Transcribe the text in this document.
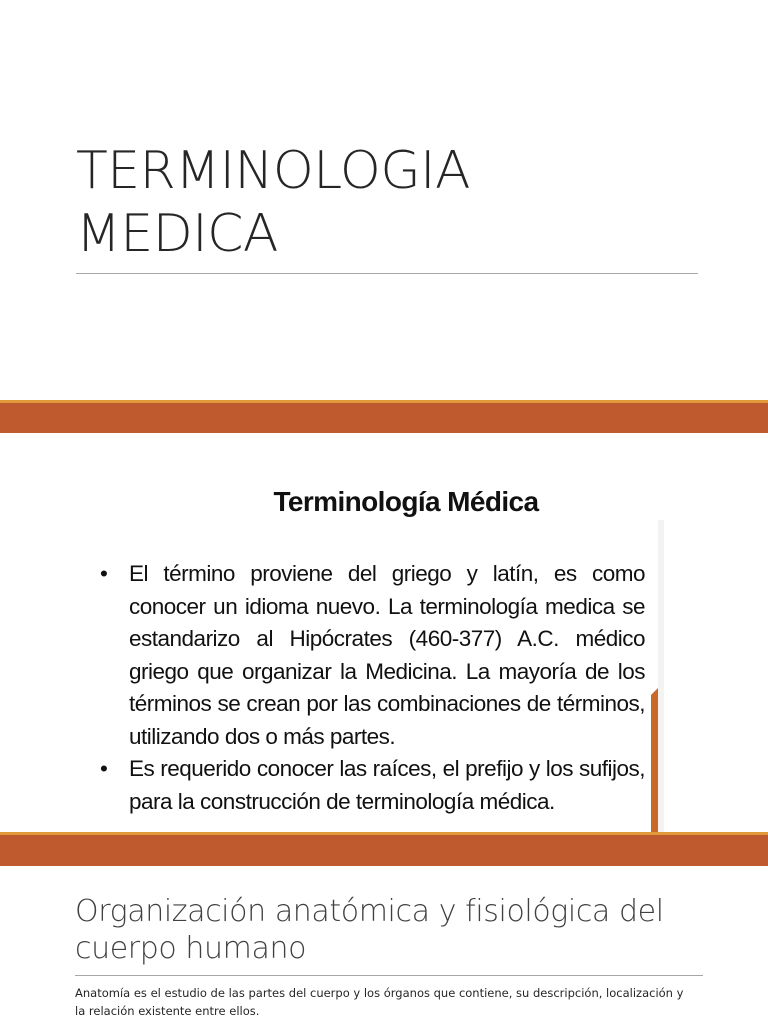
TERMINOLOGIA
MEDICA
Terminología Médica
• El término proviene del griego y latín, es como conocer un idioma nuevo. La terminología medica se estandarizo al Hipócrates (460-377) A.C. médico griego que organizar la Medicina. La mayoría de los términos se crean por las combinaciones de términos, utilizando dos o más partes.
• Es requerido conocer las raíces, el prefijo y los sufijos, para la construcción de terminología médica.
Organización anatómica y fisiológica del cuerpo humano

Anatomía es el estudio de las partes del cuerpo y los órganos que contiene, su descripción, localización y la relación existente entre ellos.
